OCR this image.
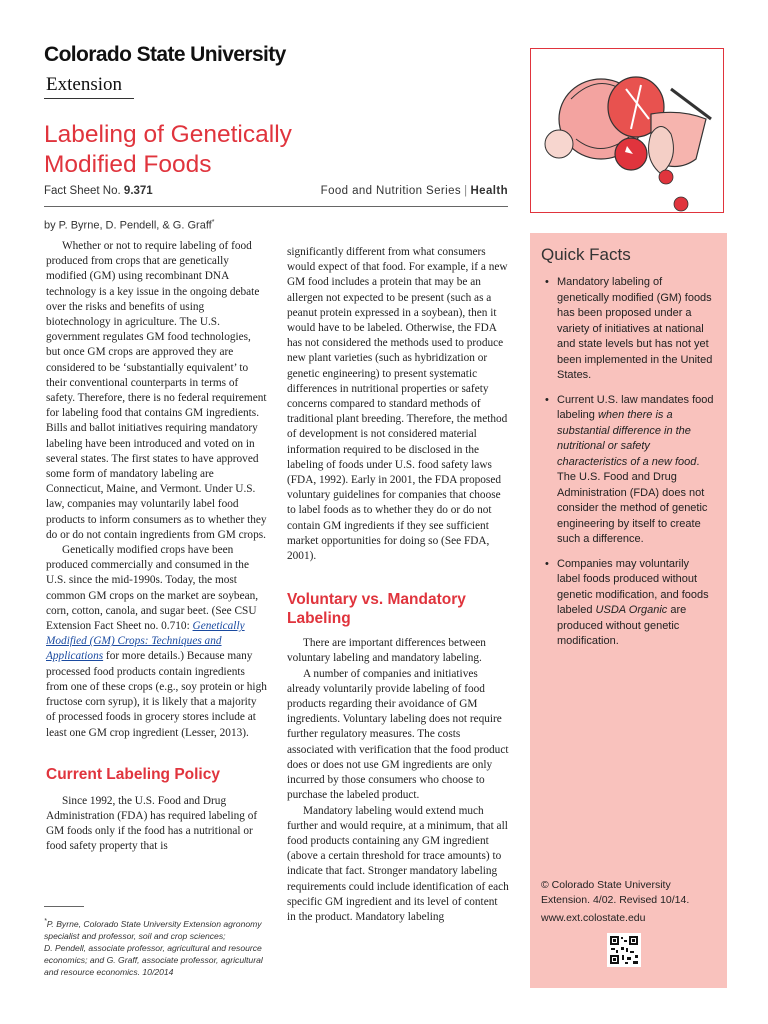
Colorado State University
Extension
Labeling of Genetically
Modified Foods
Fact Sheet No. 9.371	Food and Nutrition Series | Health
by P. Byrne, D. Pendell, & G. Graff*

Whether or not to require labeling of food produced from crops that are genetically modified (GM) using recombinant DNA technology is a key issue in the ongoing debate over the risks and benefits of using biotechnology in agriculture. The U.S. government regulates GM food technologies, but once GM crops are approved they are considered to be ‘substantially equivalent’ to their conventional counterparts in terms of safety. Therefore, there is no federal requirement for labeling food that contains GM ingredients. Bills and ballot initiatives requiring mandatory labeling have been introduced and voted on in several states. The first states to have approved some form of mandatory labeling are Connecticut, Maine, and Vermont. Under U.S. law, companies may voluntarily label food products to inform consumers as to whether they do or do not contain ingredients from GM crops.

Genetically modified crops have been produced commercially and consumed in the U.S. since the mid-1990s. Today, the most common GM crops on the market are soybean, corn, cotton, canola, and sugar beet. (See CSU Extension Fact Sheet no. 0.710: Genetically Modified (GM) Crops: Techniques and Applications for more details.) Because many processed food products contain ingredients from one of these crops (e.g., soy protein or high fructose corn syrup), it is likely that a majority of processed foods in grocery stores include at least one GM crop ingredient (Lesser, 2013).

Current Labeling Policy

Since 1992, the U.S. Food and Drug Administration (FDA) has required labeling of GM foods only if the food has a nutritional or food safety property that is

significantly different from what consumers would expect of that food. For example, if a new GM food includes a protein that may be an allergen not expected to be present (such as a peanut protein expressed in a soybean), then it would have to be labeled. Otherwise, the FDA has not considered the methods used to produce new plant varieties (such as hybridization or genetic engineering) to present systematic differences in nutritional properties or safety concerns compared to standard methods of traditional plant breeding. Therefore, the method of development is not considered material information required to be disclosed in the labeling of foods under U.S. food safety laws (FDA, 1992). Early in 2001, the FDA proposed voluntary guidelines for companies that choose to label foods as to whether they do or do not contain GM ingredients if they see sufficient market opportunities for doing so (See FDA, 2001).

Voluntary vs. Mandatory
Labeling

There are important differences between voluntary labeling and mandatory labeling.

A number of companies and initiatives already voluntarily provide labeling of food products regarding their avoidance of GM ingredients. Voluntary labeling does not require further regulatory measures. The costs associated with verification that the food product does or does not use GM ingredients are only incurred by those consumers who choose to purchase the labeled product.

Mandatory labeling would extend much further and would require, at a minimum, that all food products containing any GM ingredient (above a certain threshold for trace amounts) to indicate that fact. Stronger mandatory labeling requirements could include identification of each specific GM ingredient and its level of content in the product. Mandatory labeling

*P. Byrne, Colorado State University Extension agronomy specialist and professor, soil and crop sciences;
D. Pendell, associate professor, agricultural and resource economics; and G. Graff, associate professor, agricultural and resource economics. 10/2014
Quick Facts
• Mandatory labeling of genetically modified (GM) foods has been proposed under a variety of initiatives at national and state levels but has not yet been implemented in the United States.
• Current U.S. law mandates food labeling when there is a substantial difference in the nutritional or safety characteristics of a new food. The U.S. Food and Drug Administration (FDA) does not consider the method of genetic engineering by itself to create such a difference.
• Companies may voluntarily label foods produced without genetic modification, and foods labeled USDA Organic are produced without genetic modification.
© Colorado State University Extension. 4/02. Revised 10/14.
www.ext.colostate.edu
